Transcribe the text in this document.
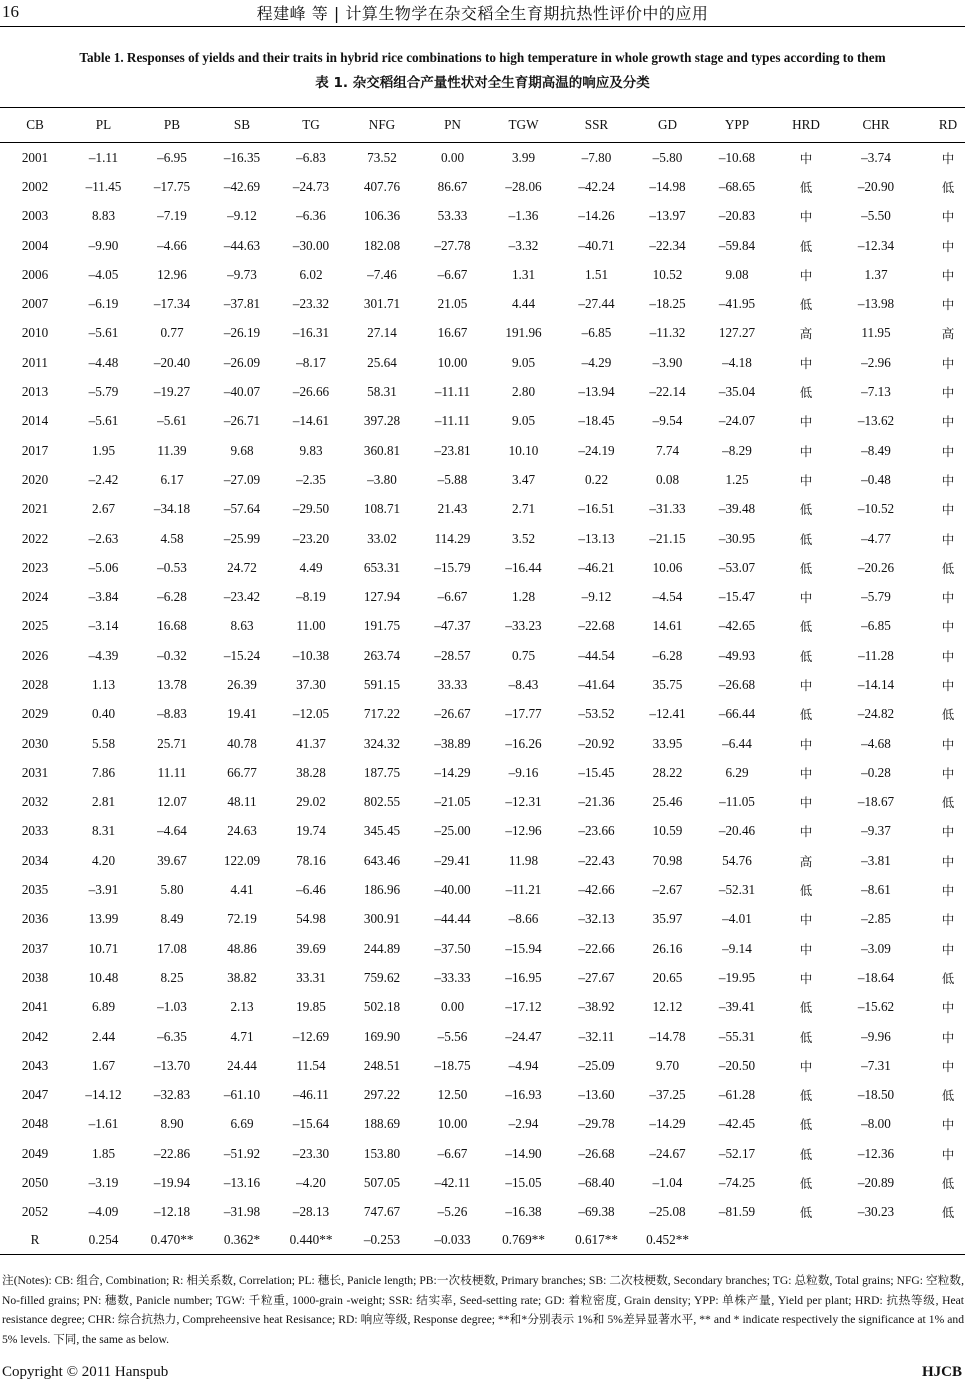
16	程建峰 等 | 计算生物学在杂交稻全生育期抗热性评价中的应用
Table 1. Responses of yields and their traits in hybrid rice combinations to high temperature in whole growth stage and types according to them
表 1. 杂交稻组合产量性状对全生育期高温的响应及分类
CB	PL	PB	SB	TG	NFG	PN	TGW	SSR	GD	YPP	HRD	CHR	RD
2001	–1.11	–6.95	–16.35	–6.83	73.52	0.00	3.99	–7.80	–5.80	–10.68	中	–3.74	中
2002	–11.45	–17.75	–42.69	–24.73	407.76	86.67	–28.06	–42.24	–14.98	–68.65	低	–20.90	低
2003	8.83	–7.19	–9.12	–6.36	106.36	53.33	–1.36	–14.26	–13.97	–20.83	中	–5.50	中
2004	–9.90	–4.66	–44.63	–30.00	182.08	–27.78	–3.32	–40.71	–22.34	–59.84	低	–12.34	中
2006	–4.05	12.96	–9.73	6.02	–7.46	–6.67	1.31	1.51	10.52	9.08	中	1.37	中
2007	–6.19	–17.34	–37.81	–23.32	301.71	21.05	4.44	–27.44	–18.25	–41.95	低	–13.98	中
2010	–5.61	0.77	–26.19	–16.31	27.14	16.67	191.96	–6.85	–11.32	127.27	高	11.95	高
2011	–4.48	–20.40	–26.09	–8.17	25.64	10.00	9.05	–4.29	–3.90	–4.18	中	–2.96	中
2013	–5.79	–19.27	–40.07	–26.66	58.31	–11.11	2.80	–13.94	–22.14	–35.04	低	–7.13	中
2014	–5.61	–5.61	–26.71	–14.61	397.28	–11.11	9.05	–18.45	–9.54	–24.07	中	–13.62	中
2017	1.95	11.39	9.68	9.83	360.81	–23.81	10.10	–24.19	7.74	–8.29	中	–8.49	中
2020	–2.42	6.17	–27.09	–2.35	–3.80	–5.88	3.47	0.22	0.08	1.25	中	–0.48	中
2021	2.67	–34.18	–57.64	–29.50	108.71	21.43	2.71	–16.51	–31.33	–39.48	低	–10.52	中
2022	–2.63	4.58	–25.99	–23.20	33.02	114.29	3.52	–13.13	–21.15	–30.95	低	–4.77	中
2023	–5.06	–0.53	24.72	4.49	653.31	–15.79	–16.44	–46.21	10.06	–53.07	低	–20.26	低
2024	–3.84	–6.28	–23.42	–8.19	127.94	–6.67	1.28	–9.12	–4.54	–15.47	中	–5.79	中
2025	–3.14	16.68	8.63	11.00	191.75	–47.37	–33.23	–22.68	14.61	–42.65	低	–6.85	中
2026	–4.39	–0.32	–15.24	–10.38	263.74	–28.57	0.75	–44.54	–6.28	–49.93	低	–11.28	中
2028	1.13	13.78	26.39	37.30	591.15	33.33	–8.43	–41.64	35.75	–26.68	中	–14.14	中
2029	0.40	–8.83	19.41	–12.05	717.22	–26.67	–17.77	–53.52	–12.41	–66.44	低	–24.82	低
2030	5.58	25.71	40.78	41.37	324.32	–38.89	–16.26	–20.92	33.95	–6.44	中	–4.68	中
2031	7.86	11.11	66.77	38.28	187.75	–14.29	–9.16	–15.45	28.22	6.29	中	–0.28	中
2032	2.81	12.07	48.11	29.02	802.55	–21.05	–12.31	–21.36	25.46	–11.05	中	–18.67	低
2033	8.31	–4.64	24.63	19.74	345.45	–25.00	–12.96	–23.66	10.59	–20.46	中	–9.37	中
2034	4.20	39.67	122.09	78.16	643.46	–29.41	11.98	–22.43	70.98	54.76	高	–3.81	中
2035	–3.91	5.80	4.41	–6.46	186.96	–40.00	–11.21	–42.66	–2.67	–52.31	低	–8.61	中
2036	13.99	8.49	72.19	54.98	300.91	–44.44	–8.66	–32.13	35.97	–4.01	中	–2.85	中
2037	10.71	17.08	48.86	39.69	244.89	–37.50	–15.94	–22.66	26.16	–9.14	中	–3.09	中
2038	10.48	8.25	38.82	33.31	759.62	–33.33	–16.95	–27.67	20.65	–19.95	中	–18.64	低
2041	6.89	–1.03	2.13	19.85	502.18	0.00	–17.12	–38.92	12.12	–39.41	低	–15.62	中
2042	2.44	–6.35	4.71	–12.69	169.90	–5.56	–24.47	–32.11	–14.78	–55.31	低	–9.96	中
2043	1.67	–13.70	24.44	11.54	248.51	–18.75	–4.94	–25.09	9.70	–20.50	中	–7.31	中
2047	–14.12	–32.83	–61.10	–46.11	297.22	12.50	–16.93	–13.60	–37.25	–61.28	低	–18.50	低
2048	–1.61	8.90	6.69	–15.64	188.69	10.00	–2.94	–29.78	–14.29	–42.45	低	–8.00	中
2049	1.85	–22.86	–51.92	–23.30	153.80	–6.67	–14.90	–26.68	–24.67	–52.17	低	–12.36	中
2050	–3.19	–19.94	–13.16	–4.20	507.05	–42.11	–15.05	–68.40	–1.04	–74.25	低	–20.89	低
2052	–4.09	–12.18	–31.98	–28.13	747.67	–5.26	–16.38	–69.38	–25.08	–81.59	低	–30.23	低
R	0.254	0.470**	0.362*	0.440**	–0.253	–0.033	0.769**	0.617**	0.452**				
注(Notes): CB: 组合, Combination; R: 相关系数, Correlation; PL: 穗长, Panicle length; PB:一次枝梗数, Primary branches; SB: 二次枝梗数, Secondary branches; TG: 总粒数, Total grains; NFG: 空粒数, No-filled grains; PN: 穗数, Panicle number; TGW: 千粒重, 1000-grain -weight; SSR: 结实率, Seed-setting rate; GD: 着粒密度, Grain density; YPP: 单株产量, Yield per plant; HRD: 抗热等级, Heat resistance degree; CHR: 综合抗热力, Compreheensive heat Resisance; RD: 响应等级, Response degree; **和*分别表示 1%和 5%差异显著水平, ** and * indicate respectively the significance at 1% and 5% levels. 下同, the same as below.
Copyright © 2011 Hanspub	HJCB
